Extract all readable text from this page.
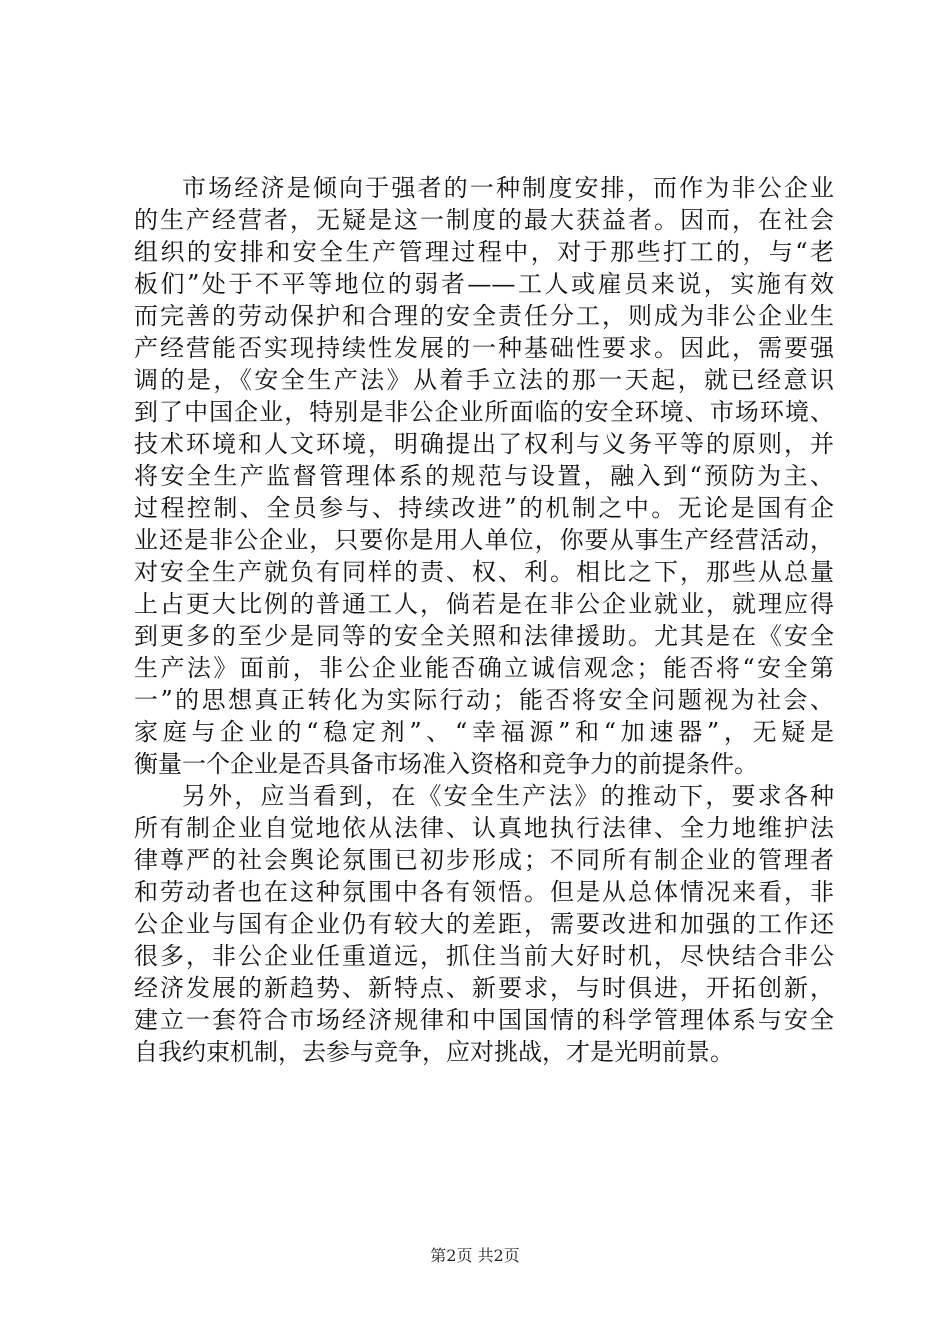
市场经济是倾向于强者的一种制度安排，而作为非公企业
的生产经营者，无疑是这一制度的最大获益者。因而，在社会
组织的安排和安全生产管理过程中，对于那些打工的，与“老
板们”处于不平等地位的弱者——工人或雇员来说，实施有效
而完善的劳动保护和合理的安全责任分工，则成为非公企业生
产经营能否实现持续性发展的一种基础性要求。因此，需要强
调的是，《安全生产法》从着手立法的那一天起，就已经意识
到了中国企业，特别是非公企业所面临的安全环境、市场环境、
技术环境和人文环境，明确提出了权利与义务平等的原则，并
将安全生产监督管理体系的规范与设置，融入到“预防为主、
过程控制、全员参与、持续改进”的机制之中。无论是国有企
业还是非公企业，只要你是用人单位，你要从事生产经营活动，
对安全生产就负有同样的责、权、利。相比之下，那些从总量
上占更大比例的普通工人，倘若是在非公企业就业，就理应得
到更多的至少是同等的安全关照和法律援助。尤其是在《安全
生产法》面前，非公企业能否确立诚信观念；能否将“安全第
一”的思想真正转化为实际行动；能否将安全问题视为社会、
家庭与企业的“稳定剂”、“幸福源”和“加速器”，无疑是
衡量一个企业是否具备市场准入资格和竞争力的前提条件。
另外，应当看到，在《安全生产法》的推动下，要求各种
所有制企业自觉地依从法律、认真地执行法律、全力地维护法
律尊严的社会舆论氛围已初步形成；不同所有制企业的管理者
和劳动者也在这种氛围中各有领悟。但是从总体情况来看，非
公企业与国有企业仍有较大的差距，需要改进和加强的工作还
很多，非公企业任重道远，抓住当前大好时机，尽快结合非公
经济发展的新趋势、新特点、新要求，与时俱进，开拓创新，
建立一套符合市场经济规律和中国国情的科学管理体系与安全
自我约束机制，去参与竞争，应对挑战，才是光明前景。
第2页 共2页
